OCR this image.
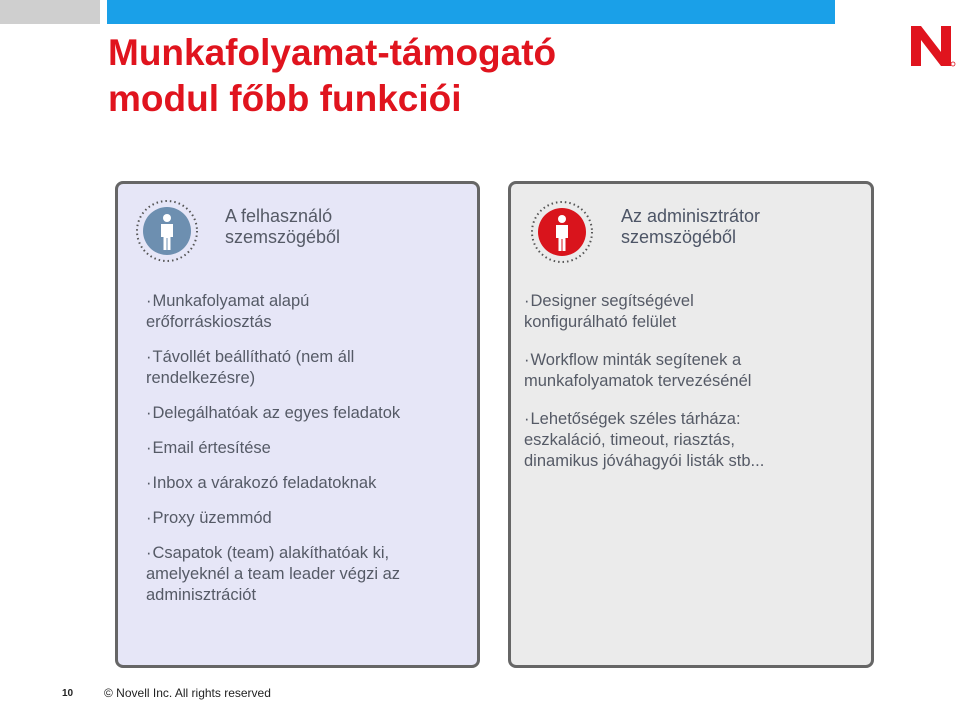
Munkafolyamat-támogató
modul főbb funkciói
A felhasználó
szemszögéből
· Munkafolyamat alapú
erőforráskiosztás
· Távollét beállítható (nem áll
rendelkezésre)
· Delegálhatóak az egyes feladatok
· Email értesítése
· Inbox a várakozó feladatoknak
· Proxy üzemmód
· Csapatok (team) alakíthatóak ki,
amelyeknél a team leader végzi az
adminisztrációt
Az adminisztrátor
szemszögéből
· Designer segítségével
konfigurálható felület
· Workflow minták segítenek a
munkafolyamatok tervezésénél
· Lehetőségek széles tárháza:
eszkaláció, timeout, riasztás,
dinamikus jóváhagyói listák stb...
10	© Novell Inc. All rights reserved
